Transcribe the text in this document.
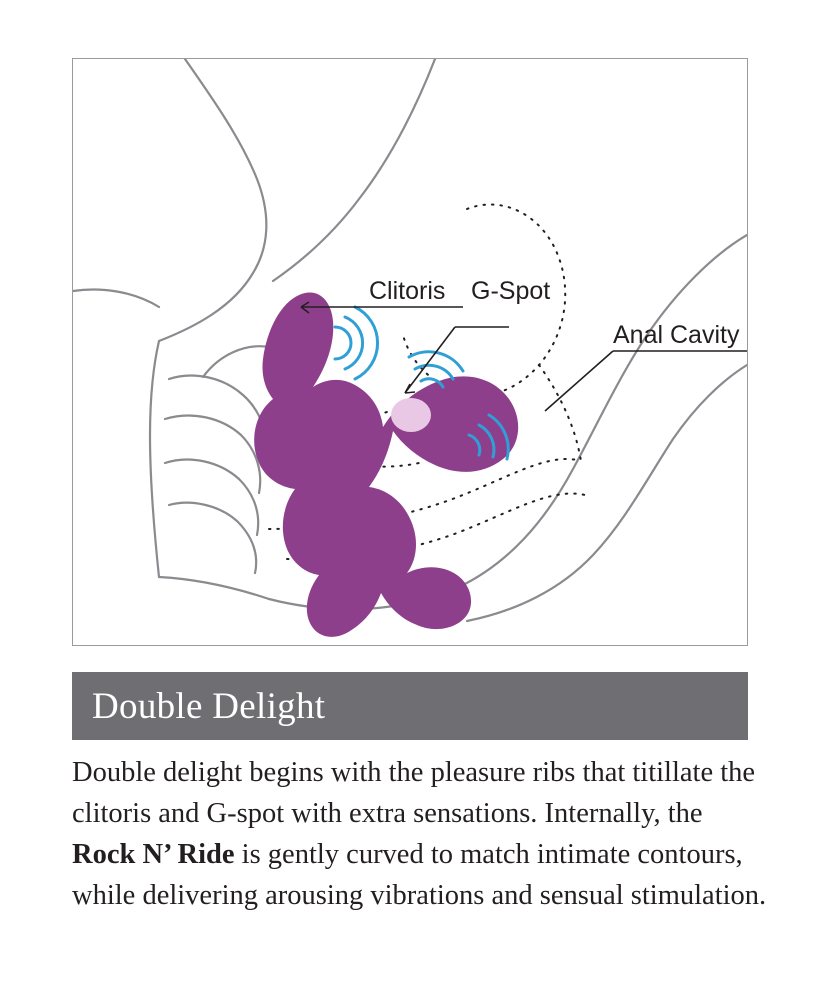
Clitoris G-Spot
Anal Cavity
Double Delight
Double delight begins with the pleasure ribs that titillate the clitoris and G-spot with extra sensations. Internally, the Rock N’ Ride is gently curved to match intimate contours, while delivering arousing vibrations and sensual stimulation.
